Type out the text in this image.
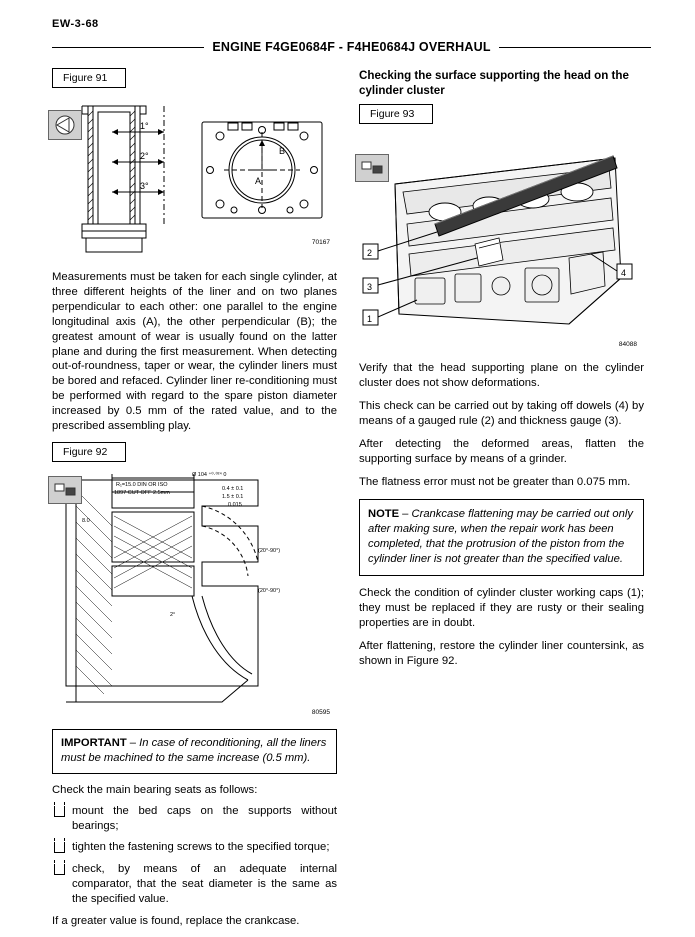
EW-3-68
ENGINE F4GE0684F - F4HE0684J OVERHAUL
Figure 91
1°
2°
3°	A
B
70167

Measurements must be taken for each single cylinder, at three different heights of the liner and on two planes perpendicular to each other: one parallel to the engine longitudinal axis (A), the other perpendicular (B); the greatest amount of wear is usually found on the latter plane and during the first measurement. When detecting out-of-roundness, taper or wear, the cylinder liners must be bored and refaced. Cylinder liner re-conditioning must be performed with regard to the spare piston diameter increased by 0.5 mm of the rated value, and to the prescribed assembling play.

Figure 92
Ø 104 ⁺⁰·⁰²⁴ 0
0.4 ± 0.1
1.5 ± 0.1
0.015
R₁=15.0 DIN OR ISO
1897 CUT OFF 2.5mm
8.0
(20°-90°)
(20°-90°)
2°
80595
IMPORTANT – In case of reconditioning, all the liners must be machined to the same increase (0.5 mm).

Check the main bearing seats as follows:

mount the bed caps on the supports without bearings;
tighten the fastening screws to the specified torque;
check, by means of an adequate internal comparator, that the seat diameter is the same as the specified value.

If a greater value is found, replace the crankcase.

Checking the surface supporting the head on the cylinder cluster
Figure 93
1
2
3
4
84088

Verify that the head supporting plane on the cylinder cluster does not show deformations.

This check can be carried out by taking off dowels (4) by means of a gauged rule (2) and thickness gauge (3).

After detecting the deformed areas, flatten the supporting surface by means of a grinder.

The flatness error must not be greater than 0.075 mm.

NOTE – Crankcase flattening may be carried out only after making sure, when the repair work has been completed, that the protrusion of the piston from the cylinder liner is not greater than the specified value.

Check the condition of cylinder cluster working caps (1); they must be replaced if they are rusty or their sealing properties are in doubt.

After flattening, restore the cylinder liner countersink, as shown in Figure 92.
